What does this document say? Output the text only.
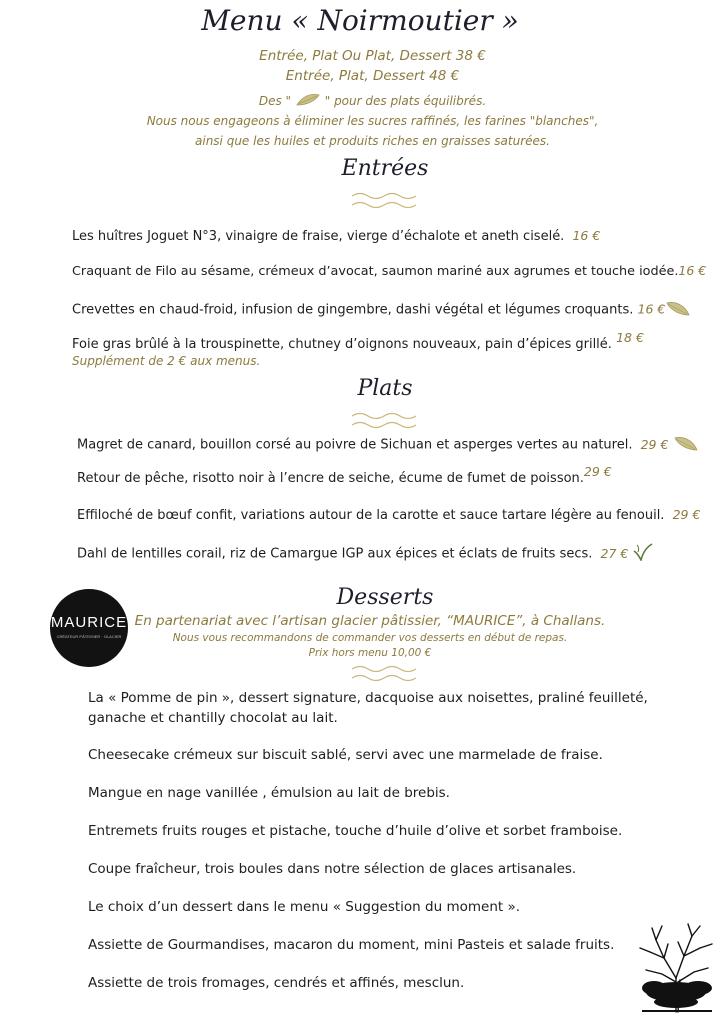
Menu « Noirmoutier »
Entrée, Plat Ou Plat, Dessert 38 €
Entrée, Plat, Dessert 48 €
Des "	" pour des plats équilibrés.
Nous nous engageons à éliminer les sucres raffinés, les farines "blanches",
ainsi que les huiles et produits riches en graisses saturées.
Entrées
Les huîtres Joguet N°3, vinaigre de fraise, vierge d’échalote et aneth ciselé. 16 €
Craquant de Filo au sésame, crémeux d’avocat, saumon mariné aux agrumes et touche iodée.16 €
Crevettes en chaud-froid, infusion de gingembre, dashi végétal et légumes croquants. 16 €
Foie gras brûlé à la trouspinette, chutney d’oignons nouveaux, pain d’épices grillé. 18 €
Supplément de 2 € aux menus.
Plats
Magret de canard, bouillon corsé au poivre de Sichuan et asperges vertes au naturel. 29 €
Retour de pêche, risotto noir à l’encre de seiche, écume de fumet de poisson.29 €
Effiloché de bœuf confit, variations autour de la carotte et sauce tartare légère au fenouil. 29 €
Dahl de lentilles corail, riz de Camargue IGP aux épices et éclats de fruits secs. 27 €
MAURICE
CRÉATEUR PÂTISSIER · GLACIER
Desserts
En partenariat avec l’artisan glacier pâtissier, “MAURICE”, à Challans.
Nous vous recommandons de commander vos desserts en début de repas.
Prix hors menu 10,00 €
La « Pomme de pin », dessert signature, dacquoise aux noisettes, praliné feuilleté,
ganache et chantilly chocolat au lait.
Cheesecake crémeux sur biscuit sablé, servi avec une marmelade de fraise.
Mangue en nage vanillée , émulsion au lait de brebis.
Entremets fruits rouges et pistache, touche d’huile d’olive et sorbet framboise.
Coupe fraîcheur, trois boules dans notre sélection de glaces artisanales.
Le choix d’un dessert dans le menu « Suggestion du moment ».
Assiette de Gourmandises, macaron du moment, mini Pasteis et salade fruits.
Assiette de trois fromages, cendrés et affinés, mesclun.
